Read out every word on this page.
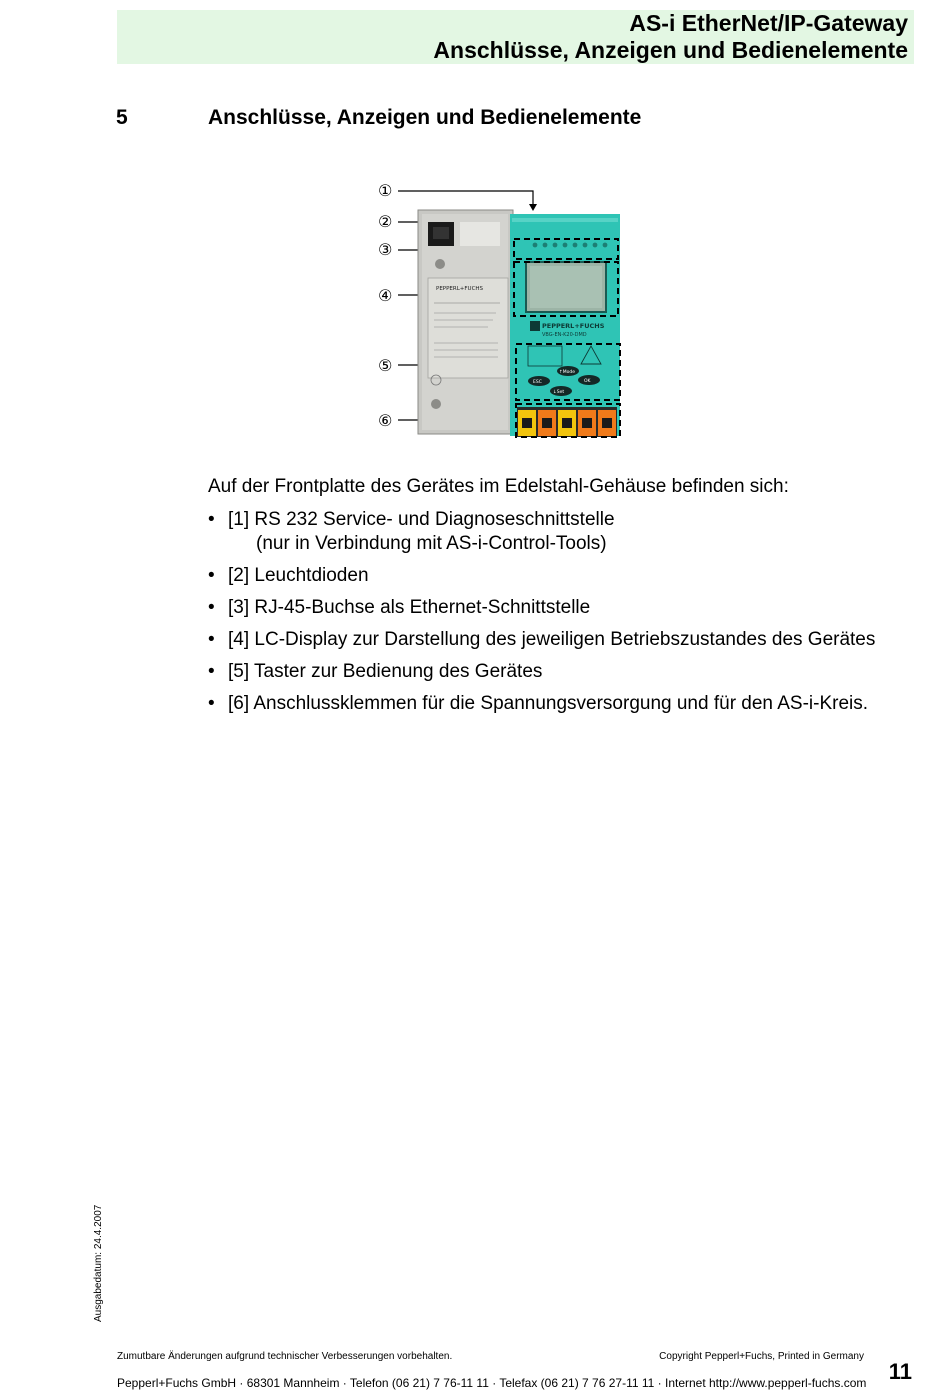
AS-i EtherNet/IP-Gateway
Anschlüsse, Anzeigen und Bedienelemente
5	Anschlüsse, Anzeigen und Bedienelemente
①
②
③
④
⑤
⑥
PEPPERL+FUCHS
PEPPERL+FUCHS
VBG-EN-K20-DMD
↑Mode
ESC	OK
↓Set
Auf der Frontplatte des Gerätes im Edelstahl-Gehäuse befinden sich:
• [1] RS 232 Service- und Diagnoseschnittstelle
(nur in Verbindung mit AS-i-Control-Tools)
• [2] Leuchtdioden
• [3] RJ-45-Buchse als Ethernet-Schnittstelle
• [4] LC-Display zur Darstellung des jeweiligen Betriebszustandes des Gerätes
• [5] Taster zur Bedienung des Gerätes
• [6] Anschlussklemmen für die Spannungsversorgung und für den AS-i-Kreis.
Ausgabedatum: 24.4.2007
Zumutbare Änderungen aufgrund technischer Verbesserungen vorbehalten.	Copyright Pepperl+Fuchs, Printed in Germany
Pepperl+Fuchs GmbH · 68301 Mannheim · Telefon (06 21) 7 76-11 11 · Telefax (06 21) 7 76 27-11 11 · Internet http://www.pepperl-fuchs.com 11
